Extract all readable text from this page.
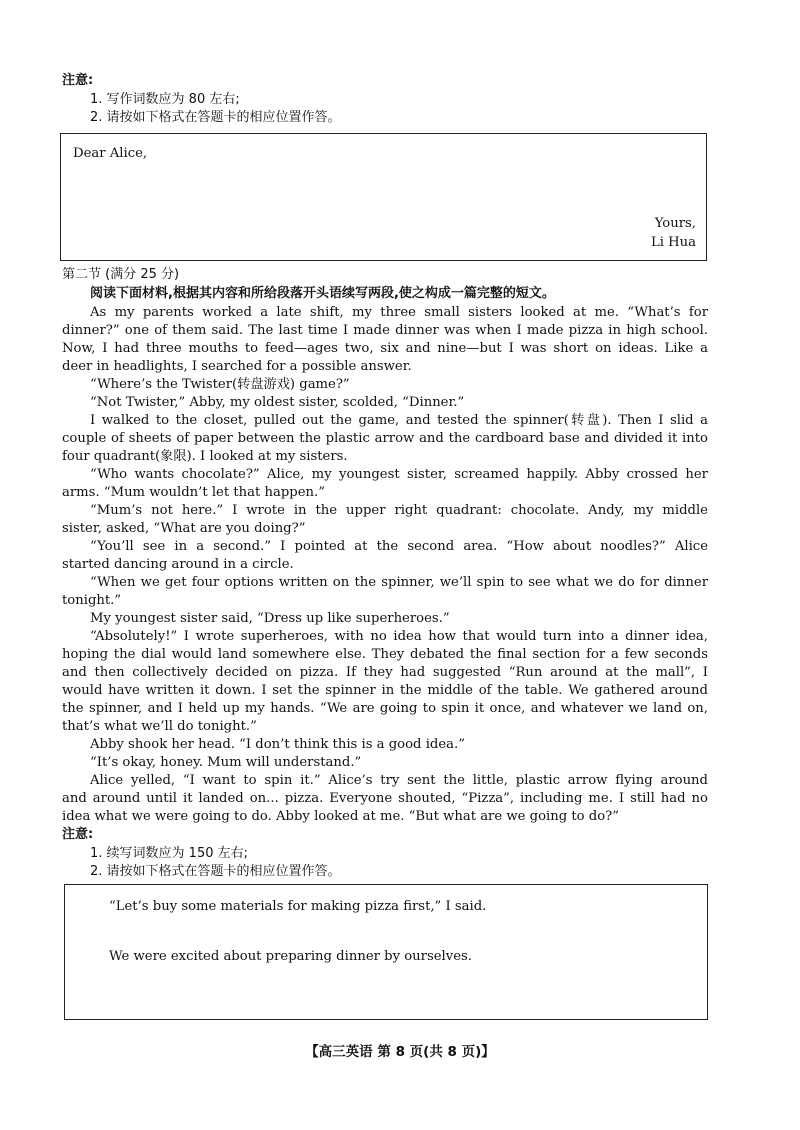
注意:
1. 写作词数应为 80 左右;
2. 请按如下格式在答题卡的相应位置作答。
Dear Alice,
Yours,
Li Hua
第二节 (满分 25 分)
阅读下面材料,根据其内容和所给段落开头语续写两段,使之构成一篇完整的短文。
As my parents worked a late shift, my three small sisters looked at me. “What’s for
dinner?” one of them said. The last time I made dinner was when I made pizza in high school.
Now, I had three mouths to feed—ages two, six and nine—but I was short on ideas. Like a
deer in headlights, I searched for a possible answer.
“Where’s the Twister(转盘游戏) game?”
“Not Twister,” Abby, my oldest sister, scolded, “Dinner.”
I walked to the closet, pulled out the game, and tested the spinner(转盘). Then I slid a
couple of sheets of paper between the plastic arrow and the cardboard base and divided it into
four quadrant(象限). I looked at my sisters.
“Who wants chocolate?” Alice, my youngest sister, screamed happily. Abby crossed her
arms. “Mum wouldn’t let that happen.”
“Mum’s not here.” I wrote in the upper right quadrant: chocolate. Andy, my middle
sister, asked, “What are you doing?”
“You’ll see in a second.” I pointed at the second area. “How about noodles?” Alice
started dancing around in a circle.
“When we get four options written on the spinner, we’ll spin to see what we do for dinner
tonight.”
My youngest sister said, “Dress up like superheroes.”
“Absolutely!” I wrote superheroes, with no idea how that would turn into a dinner idea,
hoping the dial would land somewhere else. They debated the final section for a few seconds
and then collectively decided on pizza. If they had suggested “Run around at the mall”, I
would have written it down. I set the spinner in the middle of the table. We gathered around
the spinner, and I held up my hands. “We are going to spin it once, and whatever we land on,
that’s what we’ll do tonight.”
Abby shook her head. “I don’t think this is a good idea.”
“It’s okay, honey. Mum will understand.”
Alice yelled, “I want to spin it.” Alice’s try sent the little, plastic arrow flying around
and around until it landed on... pizza. Everyone shouted, “Pizza”, including me. I still had no
idea what we were going to do. Abby looked at me. “But what are we going to do?”
注意:
1. 续写词数应为 150 左右;
2. 请按如下格式在答题卡的相应位置作答。
“Let’s buy some materials for making pizza first,” I said.
We were excited about preparing dinner by ourselves.
【高三英语 第 8 页(共 8 页)】
